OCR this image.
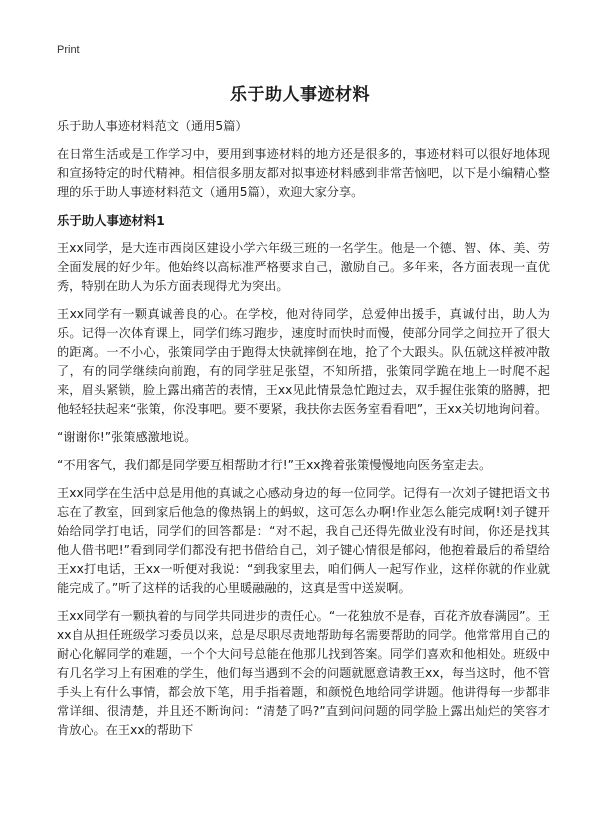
Print
乐于助人事迹材料

乐于助人事迹材料范文（通用5篇）

在日常生活或是工作学习中，要用到事迹材料的地方还是很多的，事迹材料可以很好地体现和宣扬特定的时代精神。相信很多朋友都对拟事迹材料感到非常苦恼吧，以下是小编精心整理的乐于助人事迹材料范文（通用5篇），欢迎大家分享。

乐于助人事迹材料1

王xx同学，是大连市西岗区建设小学六年级三班的一名学生。他是一个德、智、体、美、劳全面发展的好少年。他始终以高标准严格要求自己，激励自己。多年来，各方面表现一直优秀，特别在助人为乐方面表现得尤为突出。

王xx同学有一颗真诚善良的心。在学校，他对待同学，总爱伸出援手，真诚付出，助人为乐。记得一次体育课上，同学们练习跑步，速度时而快时而慢，使部分同学之间拉开了很大的距离。一不小心，张策同学由于跑得太快就摔倒在地，抢了个大跟头。队伍就这样被冲散了，有的同学继续向前跑，有的同学驻足张望，不知所措，张策同学跪在地上一时爬不起来，眉头紧锁，脸上露出痛苦的表情，王xx见此情景急忙跑过去，双手握住张策的胳膊，把他轻轻扶起来“张策，你没事吧。要不要紧，我扶你去医务室看看吧”，王xx关切地询问着。

“谢谢你!”张策感激地说。

“不用客气，我们都是同学要互相帮助才行!”王xx搀着张策慢慢地向医务室走去。

王xx同学在生活中总是用他的真诚之心感动身边的每一位同学。记得有一次刘子键把语文书忘在了教室，回到家后他急的像热锅上的蚂蚁，这可怎么办啊!作业怎么能完成啊!刘子键开始给同学打电话，同学们的回答都是：“对不起，我自己还得先做业没有时间，你还是找其他人借书吧!”看到同学们都没有把书借给自己，刘子键心情很是郁闷，他抱着最后的希望给王xx打电话，王xx一听便对我说：“到我家里去，咱们俩人一起写作业，这样你就的作业就能完成了。”听了这样的话我的心里暖融融的，这真是雪中送炭啊。

王xx同学有一颗执着的与同学共同进步的责任心。“一花独放不是春，百花齐放春满园”。王xx自从担任班级学习委员以来，总是尽职尽责地帮助每名需要帮助的同学。他常常用自己的耐心化解同学的难题，一个个大问号总能在他那儿找到答案。同学们喜欢和他相处。班级中有几名学习上有困难的学生，他们每当遇到不会的问题就愿意请教王xx，每当这时，他不管手头上有什么事情，都会放下笔，用手指着题，和颜悦色地给同学讲题。他讲得每一步都非常详细、很清楚，并且还不断询问：“清楚了吗?”直到问问题的同学脸上露出灿烂的笑容才肯放心。在王xx的帮助下
